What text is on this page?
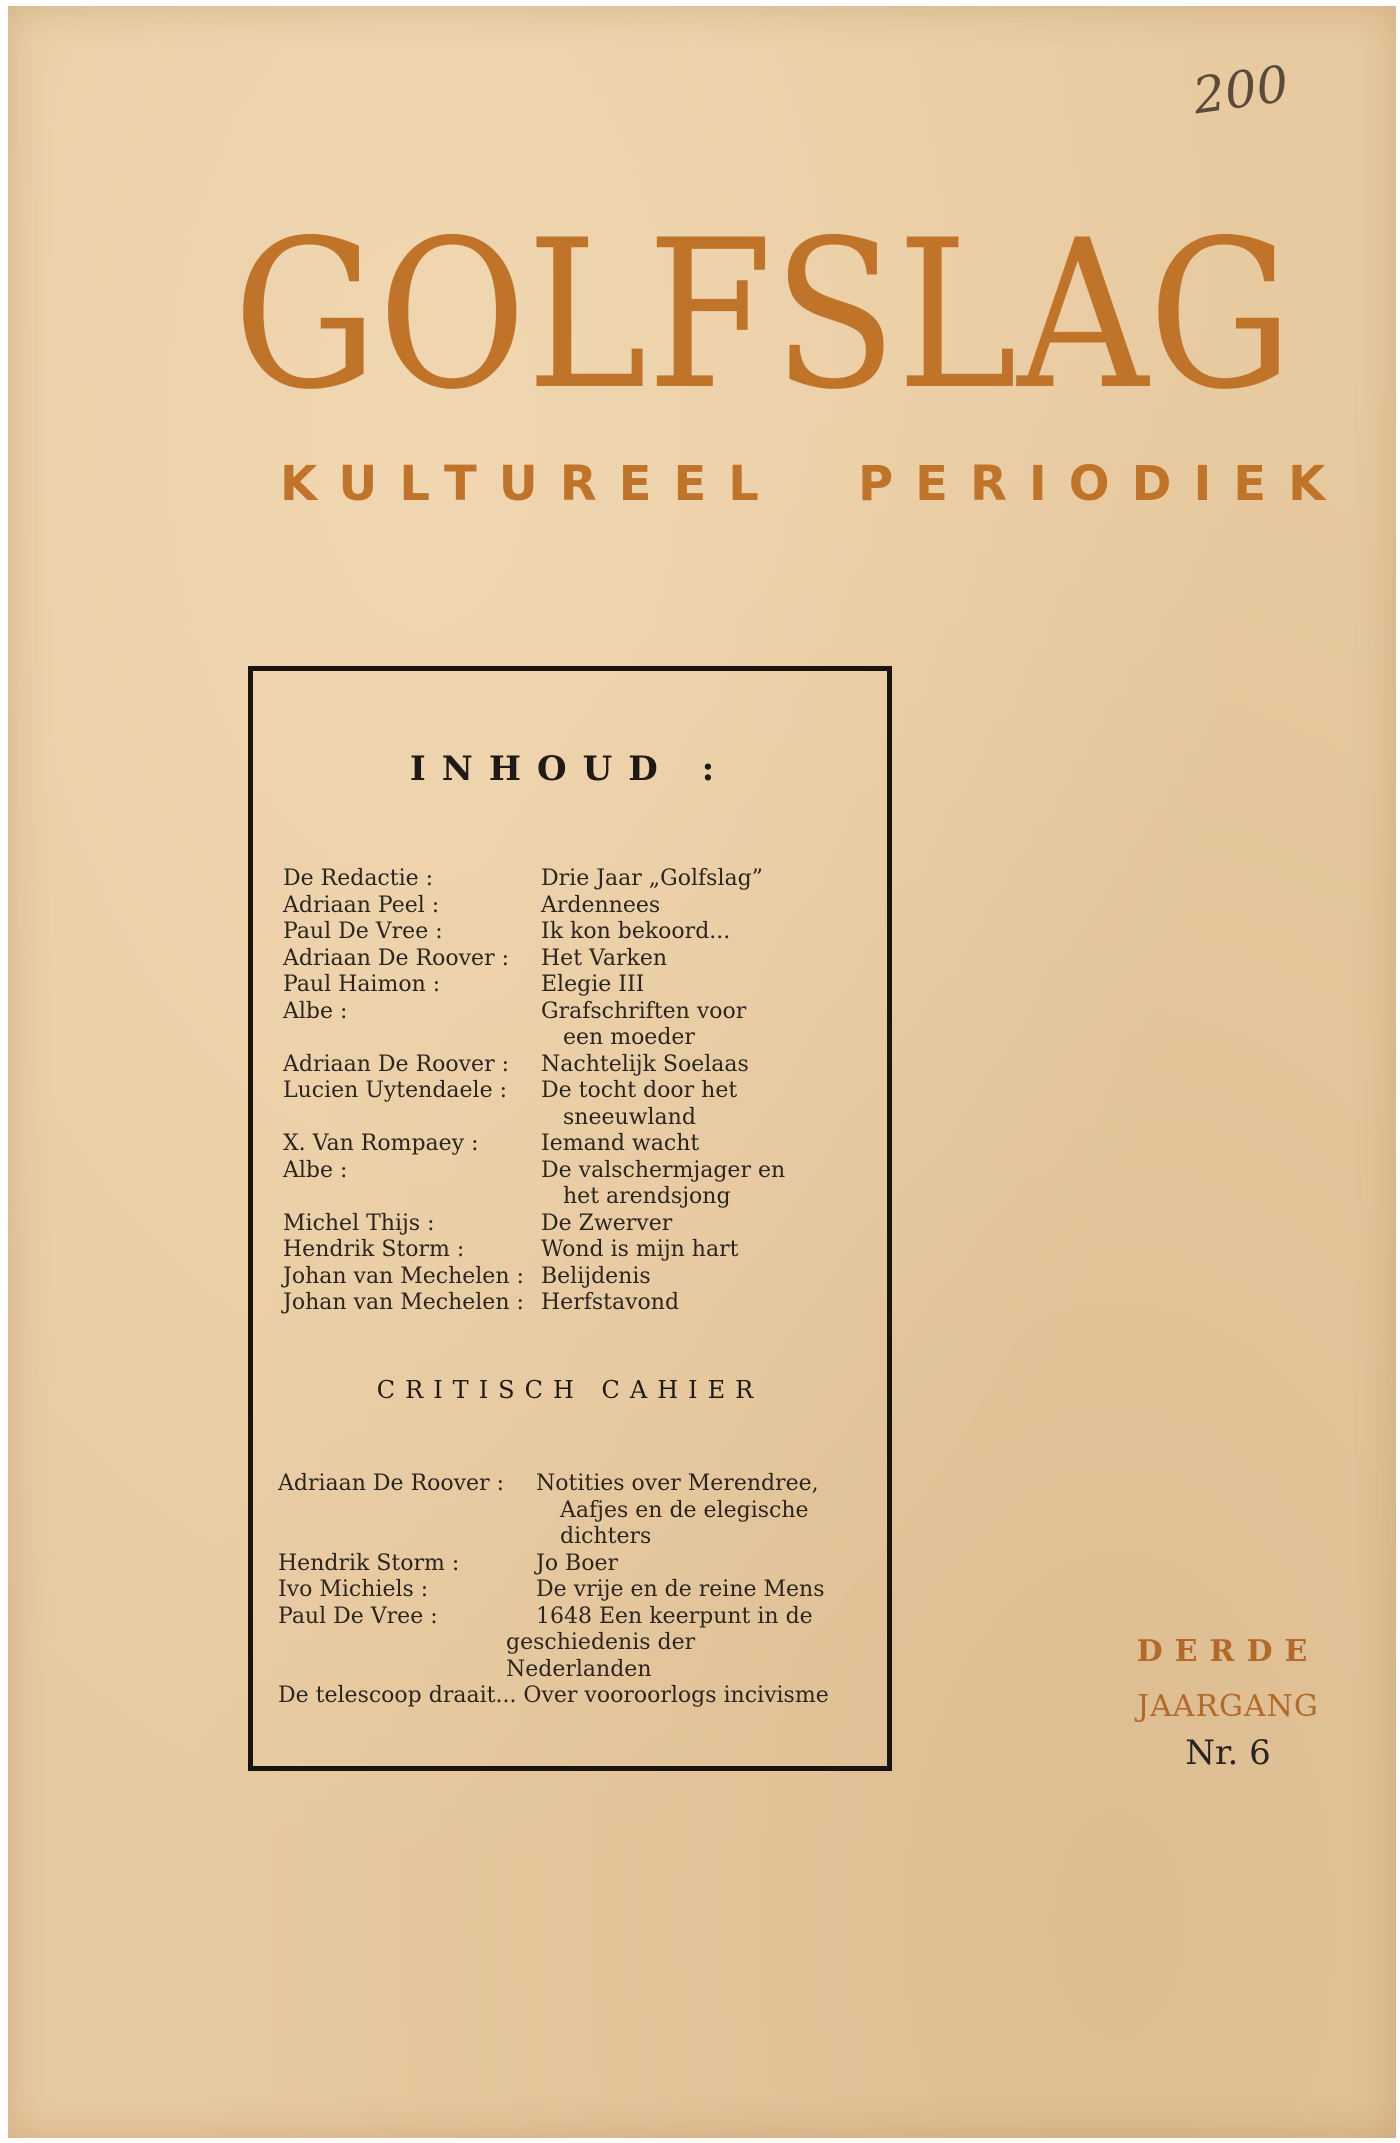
200
GOLFSLAG
KULTUREEL PERIODIEK
INHOUD :
De Redactie :	Drie Jaar „Golfslag”
Adriaan Peel :	Ardennees
Paul De Vree :	Ik kon bekoord...
Adriaan De Roover :	Het Varken
Paul Haimon :	Elegie III
Albe :	Grafschriften voor
een moeder
Adriaan De Roover :	Nachtelijk Soelaas
Lucien Uytendaele :	De tocht door het
sneeuwland
X. Van Rompaey :	Iemand wacht
Albe :	De valschermjager en
het arendsjong
Michel Thijs :	De Zwerver
Hendrik Storm :	Wond is mijn hart
Johan van Mechelen : Belijdenis
Johan van Mechelen : Herfstavond
CRITISCH CAHIER
Adriaan De Roover :	Notities over Merendree,
Aafjes en de elegische
dichters
Hendrik Storm :	Jo Boer
Ivo Michiels :	De vrije en de reine Mens
Paul De Vree :	1648 Een keerpunt in de
geschiedenis der
Nederlanden
De telescoop draait... Over vooroorlogs incivisme
DERDE
JAARGANG
Nr. 6
